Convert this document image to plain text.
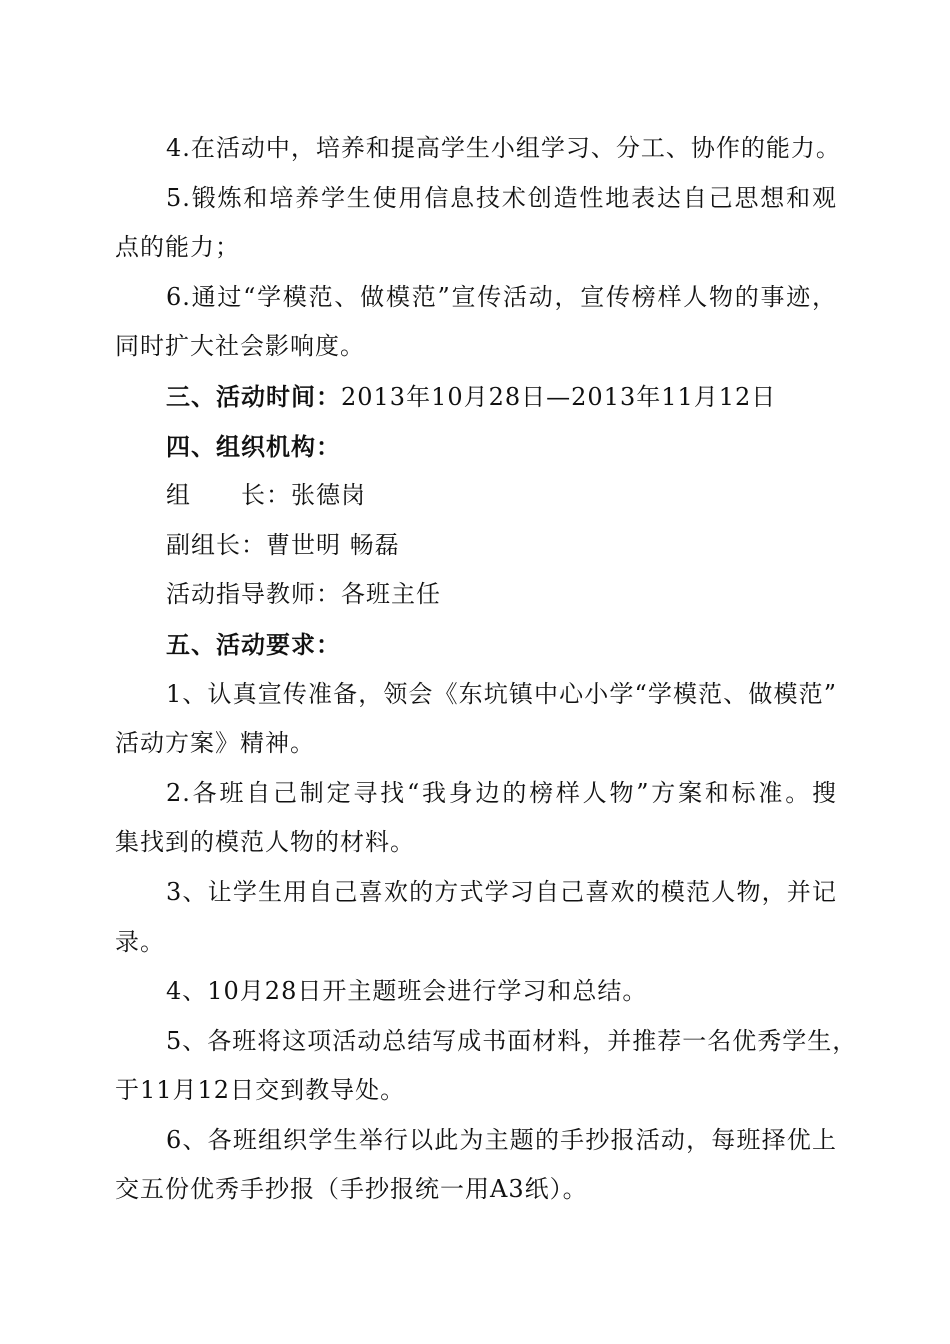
4.在活动中，培养和提高学生小组学习、分工、协作的能力。
5.锻炼和培养学生使用信息技术创造性地表达自己思想和观
点的能力；
6.通过“学模范、做模范”宣传活动，宣传榜样人物的事迹，
同时扩大社会影响度。
三、活动时间：2013年10月28日—2013年11月12日
四、组织机构：
组 长：张德岗
副组长：曹世明 畅磊
活动指导教师：各班主任
五、活动要求：
1、认真宣传准备，领会《东坑镇中心小学“学模范、做模范”
活动方案》精神。
2.各班自己制定寻找“我身边的榜样人物”方案和标准。搜
集找到的模范人物的材料。
3、让学生用自己喜欢的方式学习自己喜欢的模范人物，并记
录。
4、10月28日开主题班会进行学习和总结。
5、各班将这项活动总结写成书面材料，并推荐一名优秀学生，
于11月12日交到教导处。
6、各班组织学生举行以此为主题的手抄报活动，每班择优上
交五份优秀手抄报（手抄报统一用A3纸）。
